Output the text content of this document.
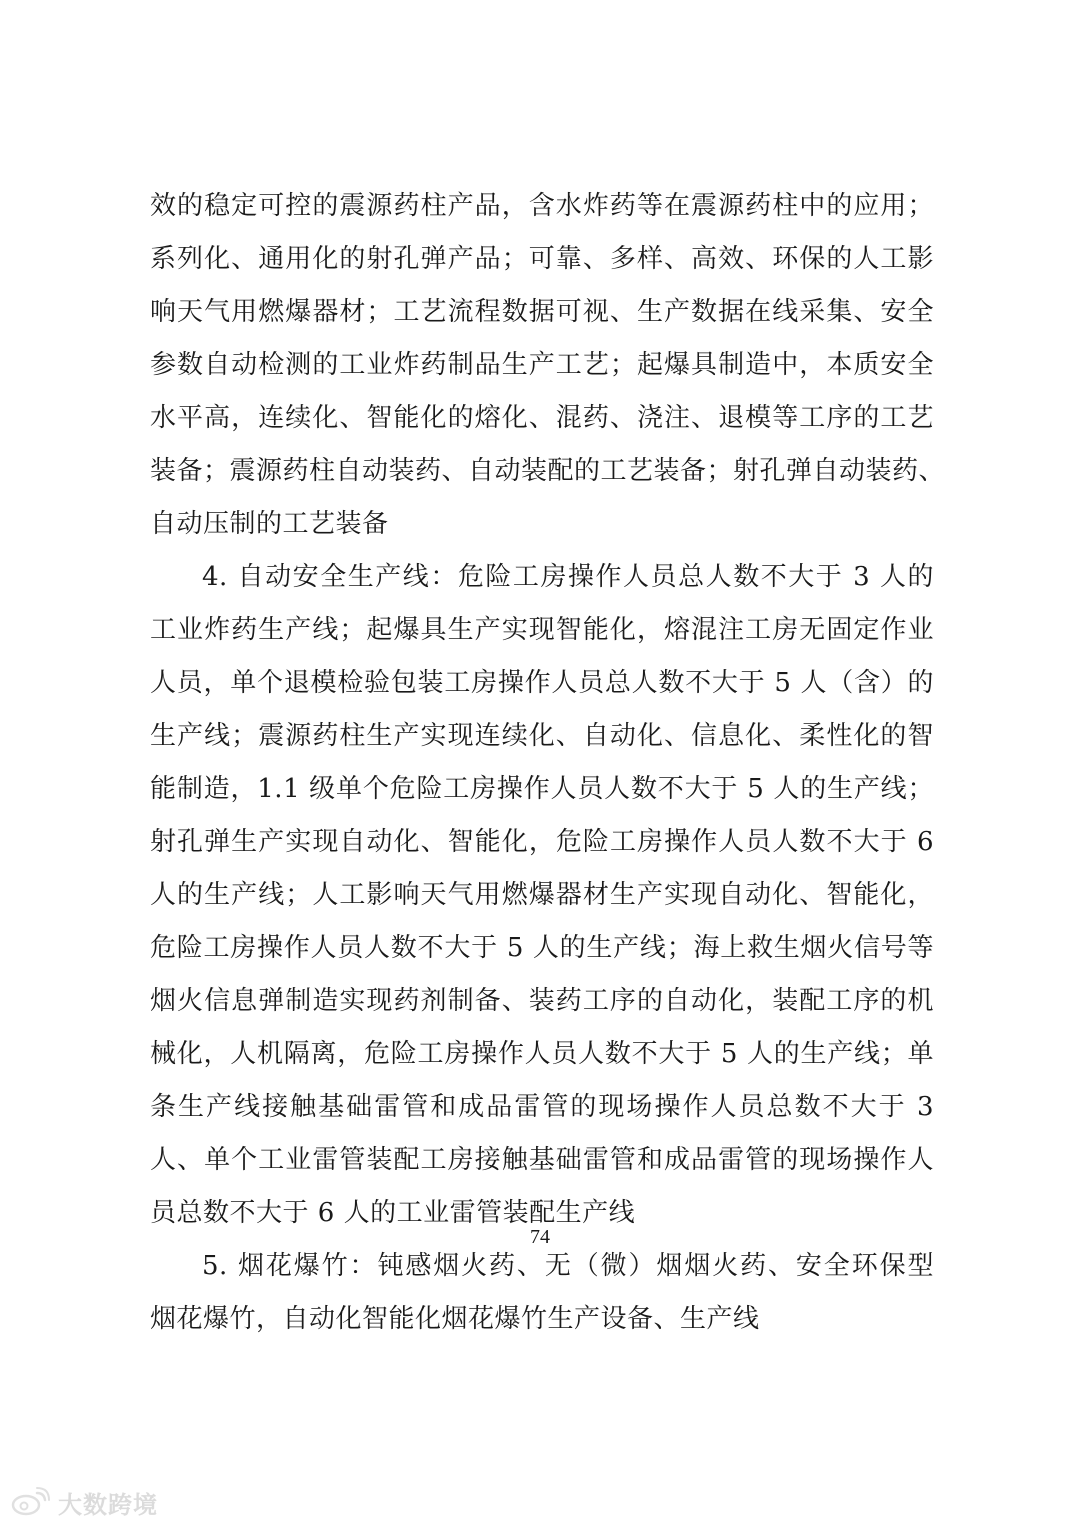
效的稳定可控的震源药柱产品，含水炸药等在震源药柱中的应用；
系列化、通用化的射孔弹产品；可靠、多样、高效、环保的人工影
响天气用燃爆器材；工艺流程数据可视、生产数据在线采集、安全
参数自动检测的工业炸药制品生产工艺；起爆具制造中，本质安全
水平高，连续化、智能化的熔化、混药、浇注、退模等工序的工艺
装备；震源药柱自动装药、自动装配的工艺装备；射孔弹自动装药、
自动压制的工艺装备
4. 自动安全生产线：危险工房操作人员总人数不大于 3 人的
工业炸药生产线；起爆具生产实现智能化，熔混注工房无固定作业
人员，单个退模检验包装工房操作人员总人数不大于 5 人（含）的
生产线；震源药柱生产实现连续化、自动化、信息化、柔性化的智
能制造，1.1 级单个危险工房操作人员人数不大于 5 人的生产线；
射孔弹生产实现自动化、智能化，危险工房操作人员人数不大于 6
人的生产线；人工影响天气用燃爆器材生产实现自动化、智能化，
危险工房操作人员人数不大于 5 人的生产线；海上救生烟火信号等
烟火信息弹制造实现药剂制备、装药工序的自动化，装配工序的机
械化，人机隔离，危险工房操作人员人数不大于 5 人的生产线；单
条生产线接触基础雷管和成品雷管的现场操作人员总数不大于 3
人、单个工业雷管装配工房接触基础雷管和成品雷管的现场操作人
员总数不大于 6 人的工业雷管装配生产线
5. 烟花爆竹：钝感烟火药、无（微）烟烟火药、安全环保型
烟花爆竹，自动化智能化烟花爆竹生产设备、生产线
74
大数跨境
